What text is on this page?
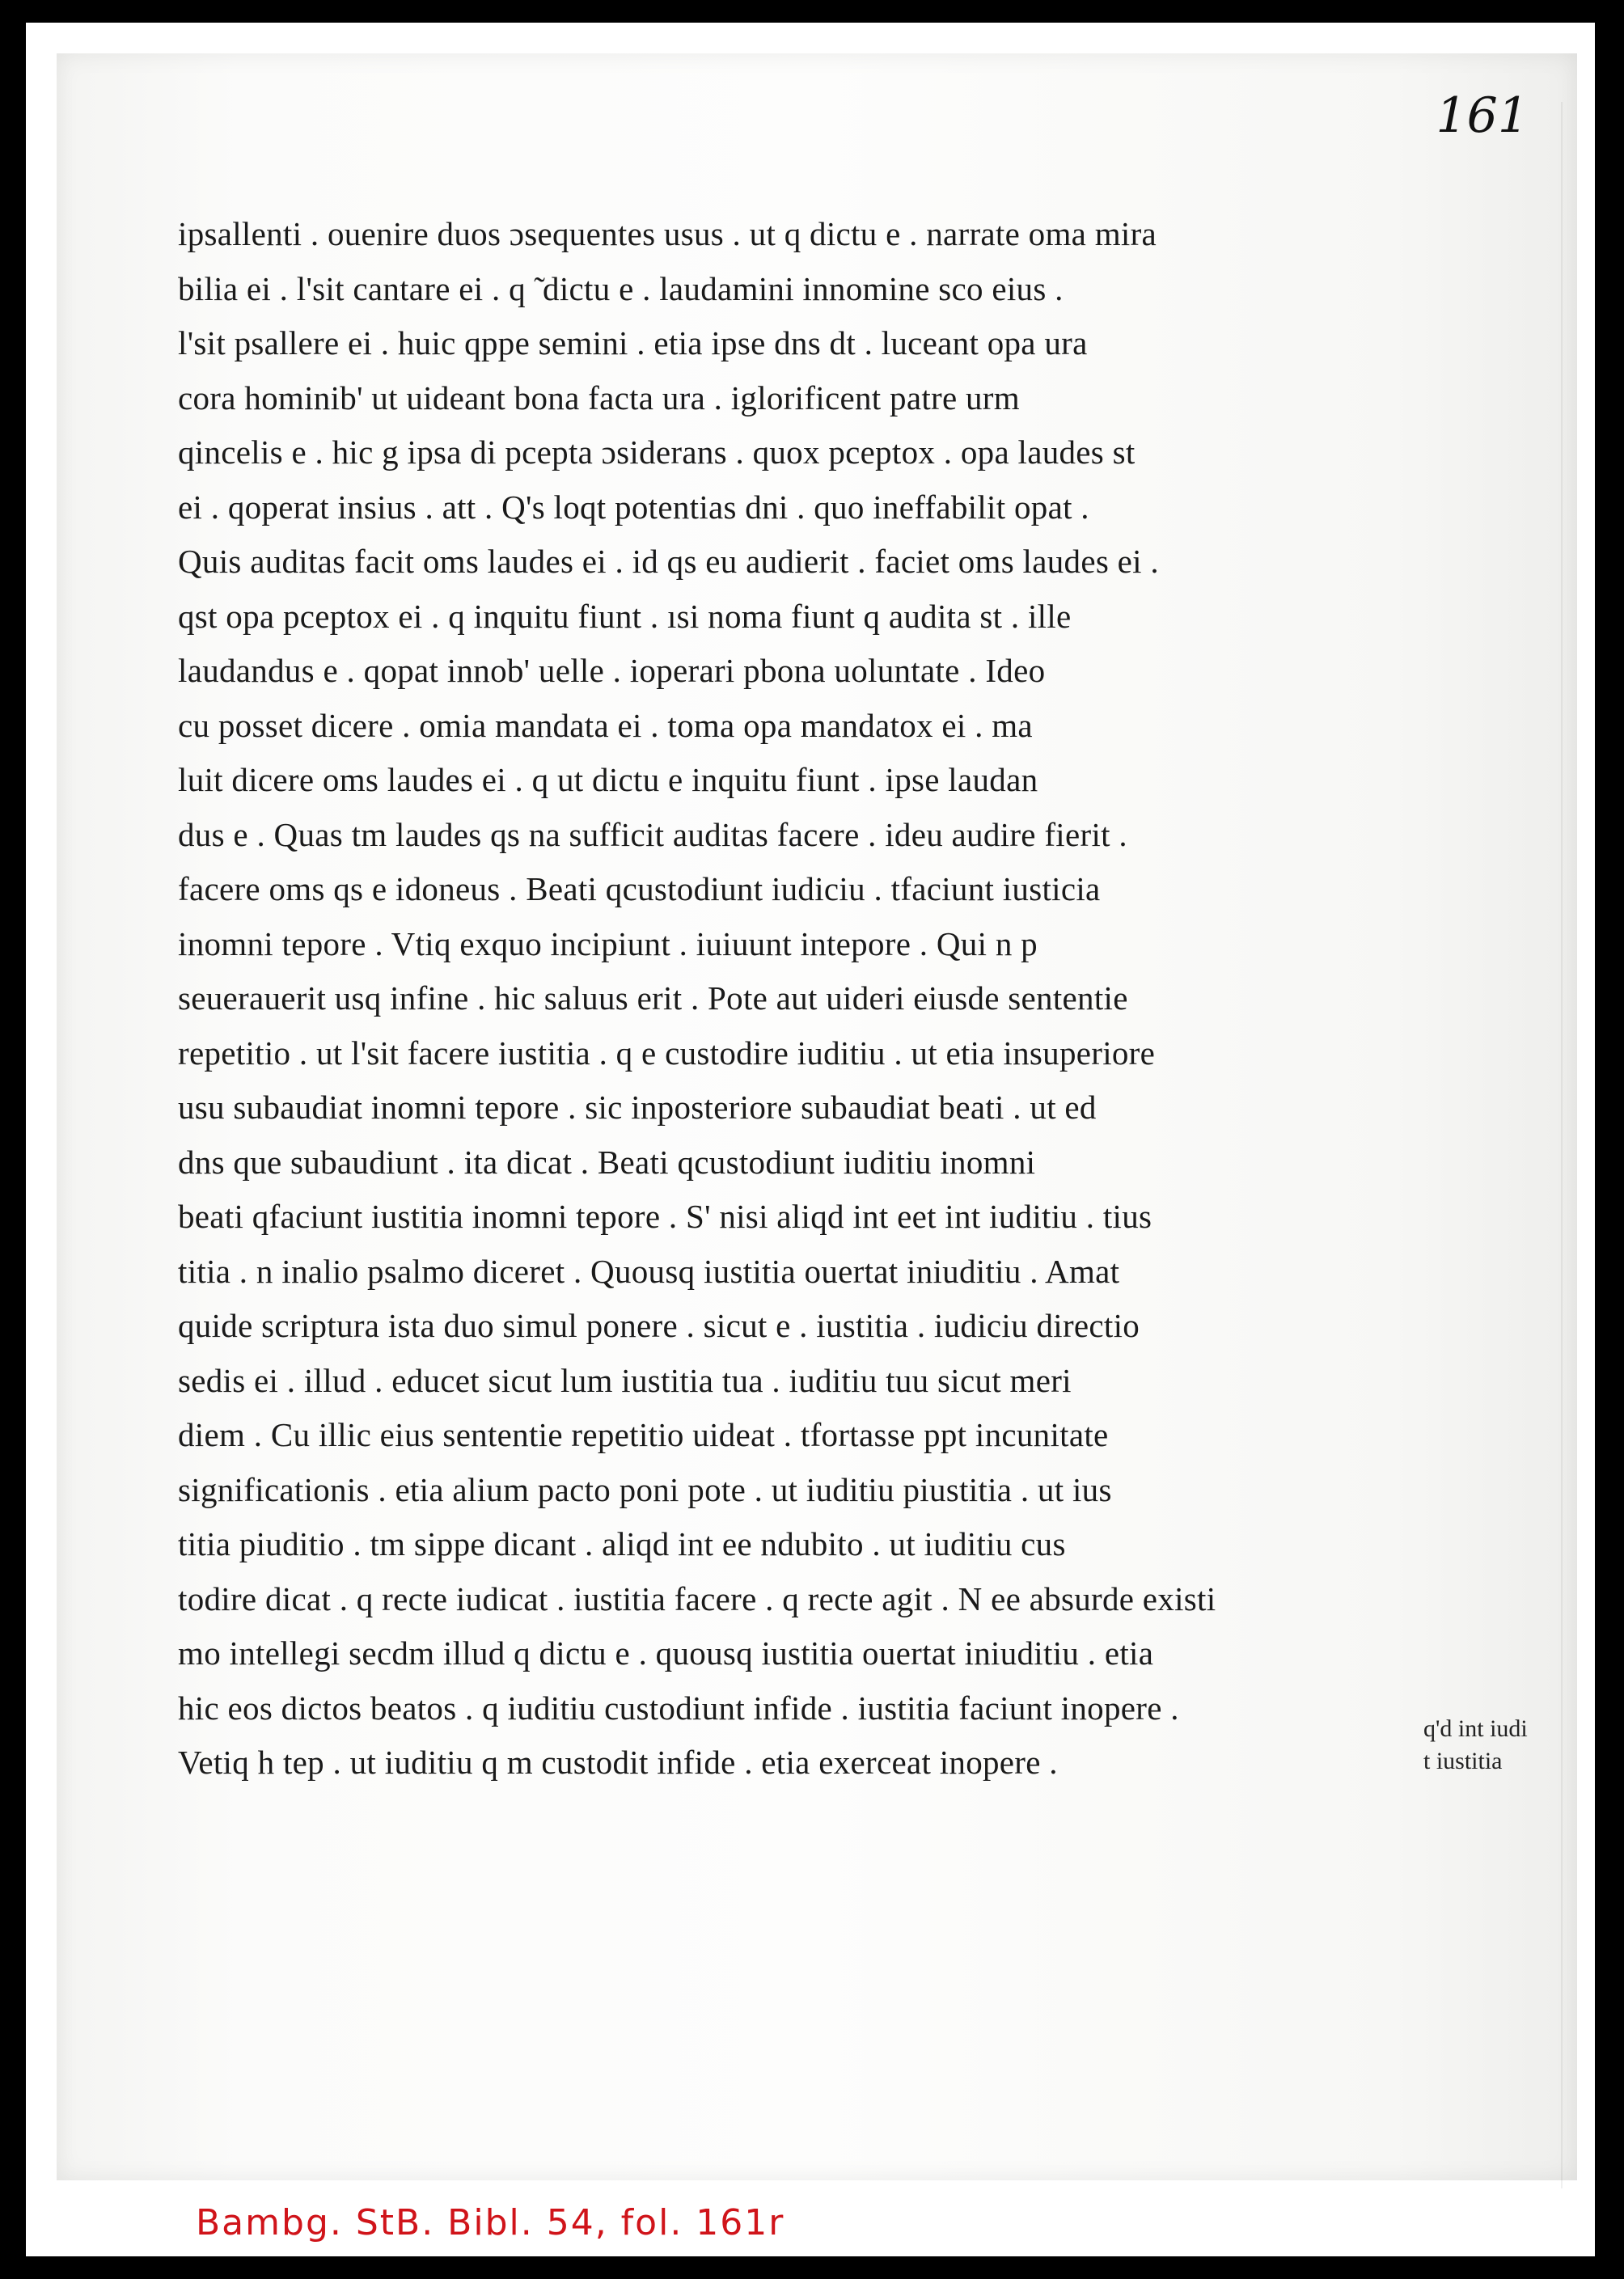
161
ipsallenti . ouenire duos ɔsequentes usus . ut q dictu e . narrate oma mira
bilia ei . l'sit cantare ei . q ̃ dictu e . laudamini innomine sco eius .
l'sit psallere ei . huic qppe semini . etia ipse dns dt . luceant opa ura
cora hominib' ut uideant bona facta ura . iglorificent patre urm
qincelis e . hic g ipsa di pcepta ɔsiderans . quox pceptox . opa laudes st
ei . qoperat insius . att . Q's loqt potentias dni . quo ineffabilit opat .
Quis auditas facit oms laudes ei . id qs eu audierit . faciet oms laudes ei .
qst opa pceptox ei . q inquitu fiunt . ısi noma fiunt q audita st . ille
laudandus e . qopat innob' uelle . ioperari pbona uoluntate . Ideo
cu posset dicere . omia mandata ei . toma opa mandatox ei . ma
luit dicere oms laudes ei . q ut dictu e inquitu fiunt . ipse laudan
dus e . Quas tm laudes qs na sufficit auditas facere . ideu audire fierit .
facere oms qs e idoneus . Beati qcustodiunt iudiciu . tfaciunt iusticia
inomni tepore . Vtiq exquo incipiunt . iuiuunt intepore . Qui n p
seuerauerit usq infine . hic saluus erit . Pote aut uideri eiusde sententie
repetitio . ut l'sit facere iustitia . q e custodire iuditiu . ut etia insuperiore
usu subaudiat inomni tepore . sic inposteriore subaudiat beati . ut ed
dns que subaudiunt . ita dicat . Beati qcustodiunt iuditiu inomni
beati qfaciunt iustitia inomni tepore . S' nisi aliqd int eet int iuditiu . tius
titia . n inalio psalmo diceret . Quousq iustitia ouertat iniuditiu . Amat
quide scriptura ista duo simul ponere . sicut e . iustitia . iudiciu directio
sedis ei . illud . educet sicut lum iustitia tua . iuditiu tuu sicut meri
diem . Cu illic eius sententie repetitio uideat . tfortasse ppt incunitate
significationis . etia alium pacto poni pote . ut iuditiu piustitia . ut ius
titia piuditio . tm sippe dicant . aliqd int ee ndubito . ut iuditiu cus
todire dicat . q recte iudicat . iustitia facere . q recte agit . N ee absurde existi
mo intellegi secdm illud q dictu e . quousq iustitia ouertat iniuditiu . etia
hic eos dictos beatos . q iuditiu custodiunt infide . iustitia faciunt inopere .
Vetiq h tep . ut iuditiu q m custodit infide . etia exerceat inopere .
q'd int iudi
t iustitia
Bambg. StB. Bibl. 54, fol. 161r
